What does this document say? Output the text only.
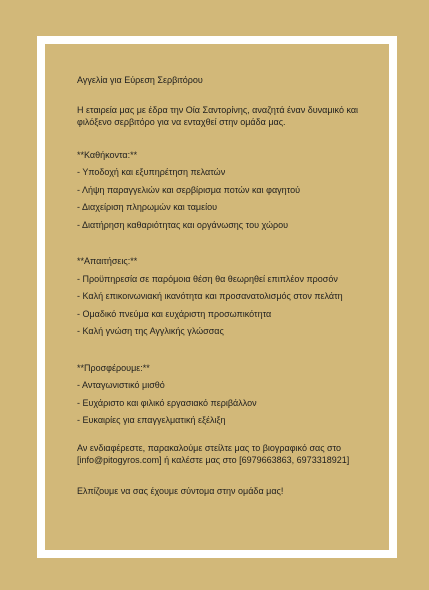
Αγγελία για Εύρεση Σερβιτόρου

Η εταιρεία μας με έδρα την Οία Σαντορίνης, αναζητά έναν δυναμικό και

φιλόξενο σερβιτόρο για να ενταχθεί στην ομάδα μας.

**Καθήκοντα:**

- Υποδοχή και εξυπηρέτηση πελατών

- Λήψη παραγγελιών και σερβίρισμα ποτών και φαγητού

- Διαχείριση πληρωμών και ταμείου

- Διατήρηση καθαριότητας και οργάνωσης του χώρου

**Απαιτήσεις:**

- Προϋπηρεσία σε παρόμοια θέση θα θεωρηθεί επιπλέον προσόν

- Καλή επικοινωνιακή ικανότητα και προσανατολισμός στον πελάτη

- Ομαδικό πνεύμα και ευχάριστη προσωπικότητα

- Καλή γνώση της Αγγλικής γλώσσας

**Προσφέρουμε:**

- Ανταγωνιστικό μισθό

- Ευχάριστο και φιλικό εργασιακό περιβάλλον

- Ευκαιρίες για επαγγελματική εξέλιξη

Αν ενδιαφέρεστε, παρακαλούμε στείλτε μας το βιογραφικό σας στο

[info@pitogyros.com] ή καλέστε μας στο [6979663863, 6973318921]

Ελπίζουμε να σας έχουμε σύντομα στην ομάδα μας!
